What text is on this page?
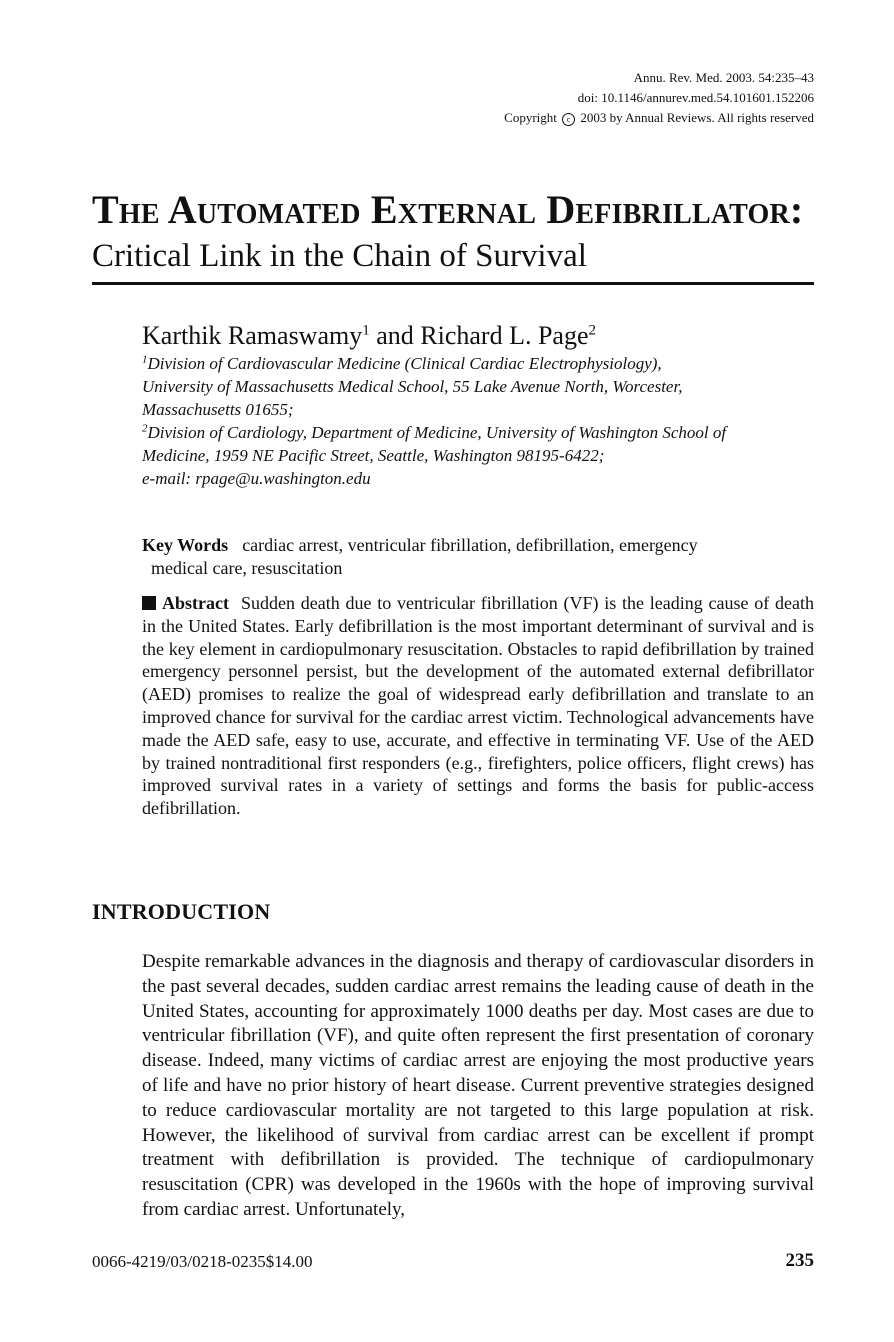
Annu. Rev. Med. 2003. 54:235–43
doi: 10.1146/annurev.med.54.101601.152206
Copyright c 2003 by Annual Reviews. All rights reserved
The Automated External Defibrillator:
Critical Link in the Chain of Survival
Karthik Ramaswamy$^1$ and Richard L. Page$^2$
$^1$Division of Cardiovascular Medicine (Clinical Cardiac Electrophysiology),
University of Massachusetts Medical School, 55 Lake Avenue North, Worcester,
Massachusetts 01655;
$^2$Division of Cardiology, Department of Medicine, University of Washington School of
Medicine, 1959 NE Pacific Street, Seattle, Washington 98195-6422;
e-mail: rpage@u.washington.edu
Key Words cardiac arrest, ventricular fibrillation, defibrillation, emergency
medical care, resuscitation
Abstract Sudden death due to ventricular fibrillation (VF) is the leading cause of death in the United States. Early defibrillation is the most important determinant of survival and is the key element in cardiopulmonary resuscitation. Obstacles to rapid defibrillation by trained emergency personnel persist, but the development of the automated external defibrillator (AED) promises to realize the goal of widespread early defibrillation and translate to an improved chance for survival for the cardiac arrest victim. Technological advancements have made the AED safe, easy to use, accurate, and effective in terminating VF. Use of the AED by trained nontraditional first responders (e.g., firefighters, police officers, flight crews) has improved survival rates in a variety of settings and forms the basis for public-access defibrillation.
INTRODUCTION
Despite remarkable advances in the diagnosis and therapy of cardiovascular disorders in the past several decades, sudden cardiac arrest remains the leading cause of death in the United States, accounting for approximately 1000 deaths per day. Most cases are due to ventricular fibrillation (VF), and quite often represent the first presentation of coronary disease. Indeed, many victims of cardiac arrest are enjoying the most productive years of life and have no prior history of heart disease. Current preventive strategies designed to reduce cardiovascular mortality are not targeted to this large population at risk. However, the likelihood of survival from cardiac arrest can be excellent if prompt treatment with defibrillation is provided. The technique of cardiopulmonary resuscitation (CPR) was developed in the 1960s with the hope of improving survival from cardiac arrest. Unfortunately,
0066-4219/03/0218-0235$14.00	235
